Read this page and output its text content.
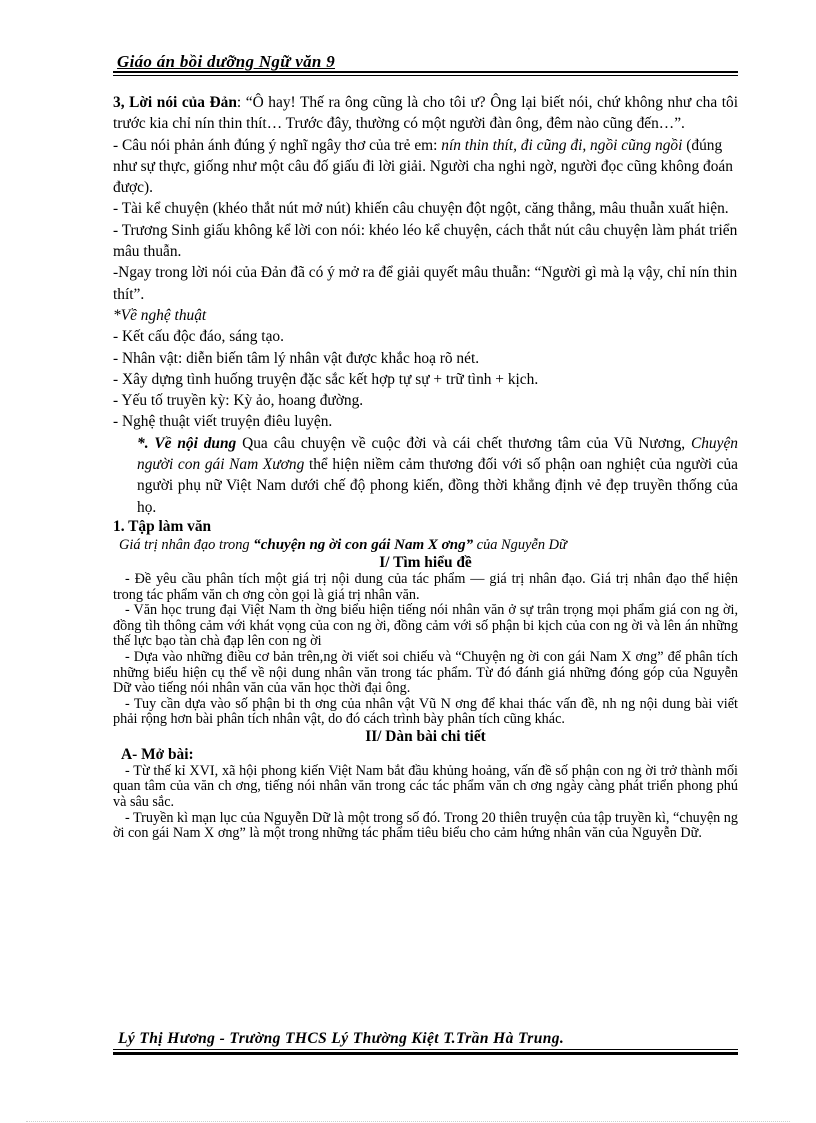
Giáo án bồi dưỡng Ngữ văn 9

3, Lời nói của Đản: “Ô hay! Thế ra ông cũng là cho tôi ư? Ông lại biết nói, chứ không như cha tôi trước kia chỉ nín thin thít… Trước đây, thường có một người đàn ông, đêm nào cũng đến…”.

- Câu nói phản ánh đúng ý nghĩ ngây thơ của trẻ em: nín thin thít, đi cũng đi, ngồi cũng ngồi (đúng như sự thực, giống như một câu đố giấu đi lời giải. Người cha nghi ngờ, người đọc cũng không đoán được).

- Tài kể chuyện (khéo thắt nút mở nút) khiến câu chuyện đột ngột, căng thẳng, mâu thuẫn xuất hiện.

- Trương Sinh giấu không kể lời con nói: khéo léo kể chuyện, cách thắt nút câu chuyện làm phát triển mâu thuẫn.

-Ngay trong lời nói của Đản đã có ý mở ra để giải quyết mâu thuẫn: “Người gì mà lạ vậy, chỉ nín thin thít”.

*Về nghệ thuật

- Kết cấu độc đáo, sáng tạo.

- Nhân vật: diễn biến tâm lý nhân vật được khắc hoạ rõ nét.

- Xây dựng tình huống truyện đặc sắc kết hợp tự sự + trữ tình + kịch.

- Yếu tố truyền kỳ: Kỳ ảo, hoang đường.

- Nghệ thuật viết truyện điêu luyện.

*. Về nội dung Qua câu chuyện về cuộc đời và cái chết thương tâm của Vũ Nương, Chuyện người con gái Nam Xương thể hiện niềm cảm thương đối với số phận oan nghiệt của người của người phụ nữ Việt Nam dưới chế độ phong kiến, đồng thời khẳng định vẻ đẹp truyền thống của họ.

1. Tập làm văn

Giá trị nhân đạo trong “chuyện ng ời con gái Nam X ơng” của Nguyễn Dữ

I/ Tìm hiểu đề

- Đề yêu cầu phân tích một giá trị nội dung của tác phẩm — giá trị nhân đạo. Giá trị nhân đạo thể hiện trong tác phẩm văn ch ơng còn gọi là giá trị nhân văn.

- Văn học trung đại Việt Nam th ờng biểu hiện tiếng nói nhân văn ở sự trân trọng mọi phẩm giá con ng ời, đồng tìh thông cảm với khát vọng của con ng ời, đồng cảm với số phận bi kịch của con ng ời và lên án những thế lực bạo tàn chà đạp lên con ng ời

- Dựa vào những điều cơ bản trên,ng ời viết soi chiếu và “Chuyện ng ời con gái Nam X ơng” để phân tích những biểu hiện cụ thể về nội dung nhân văn trong tác phẩm. Từ đó đánh giá những đóng góp của Nguyễn Dữ vào tiếng nói nhân văn của văn học thời đại ông.

- Tuy cần dựa vào số phận bi th ơng của nhân vật Vũ N ơng để khai thác vấn đề, nh ng nội dung bài viết phải rộng hơn bài phân tích nhân vật, do đó cách trình bày phân tích cũng khác.

II/ Dàn bài chi tiết

A- Mở bài:

- Từ thế kỉ XVI, xã hội phong kiến Việt Nam bắt đầu khủng hoảng, vấn đề số phận con ng ời trở thành mối quan tâm của văn ch ơng, tiếng nói nhân văn trong các tác phẩm văn ch ơng ngày càng phát triển phong phú và sâu sắc.

- Truyền kì mạn lục của Nguyễn Dữ là một trong số đó. Trong 20 thiên truyện của tập truyền kì, “chuyện ng ời con gái Nam X ơng” là một trong những tác phẩm tiêu biểu cho cảm hứng nhân văn của Nguyễn Dữ.

Lý Thị Hương - Trường THCS Lý Thường Kiệt T.Trần Hà Trung.
